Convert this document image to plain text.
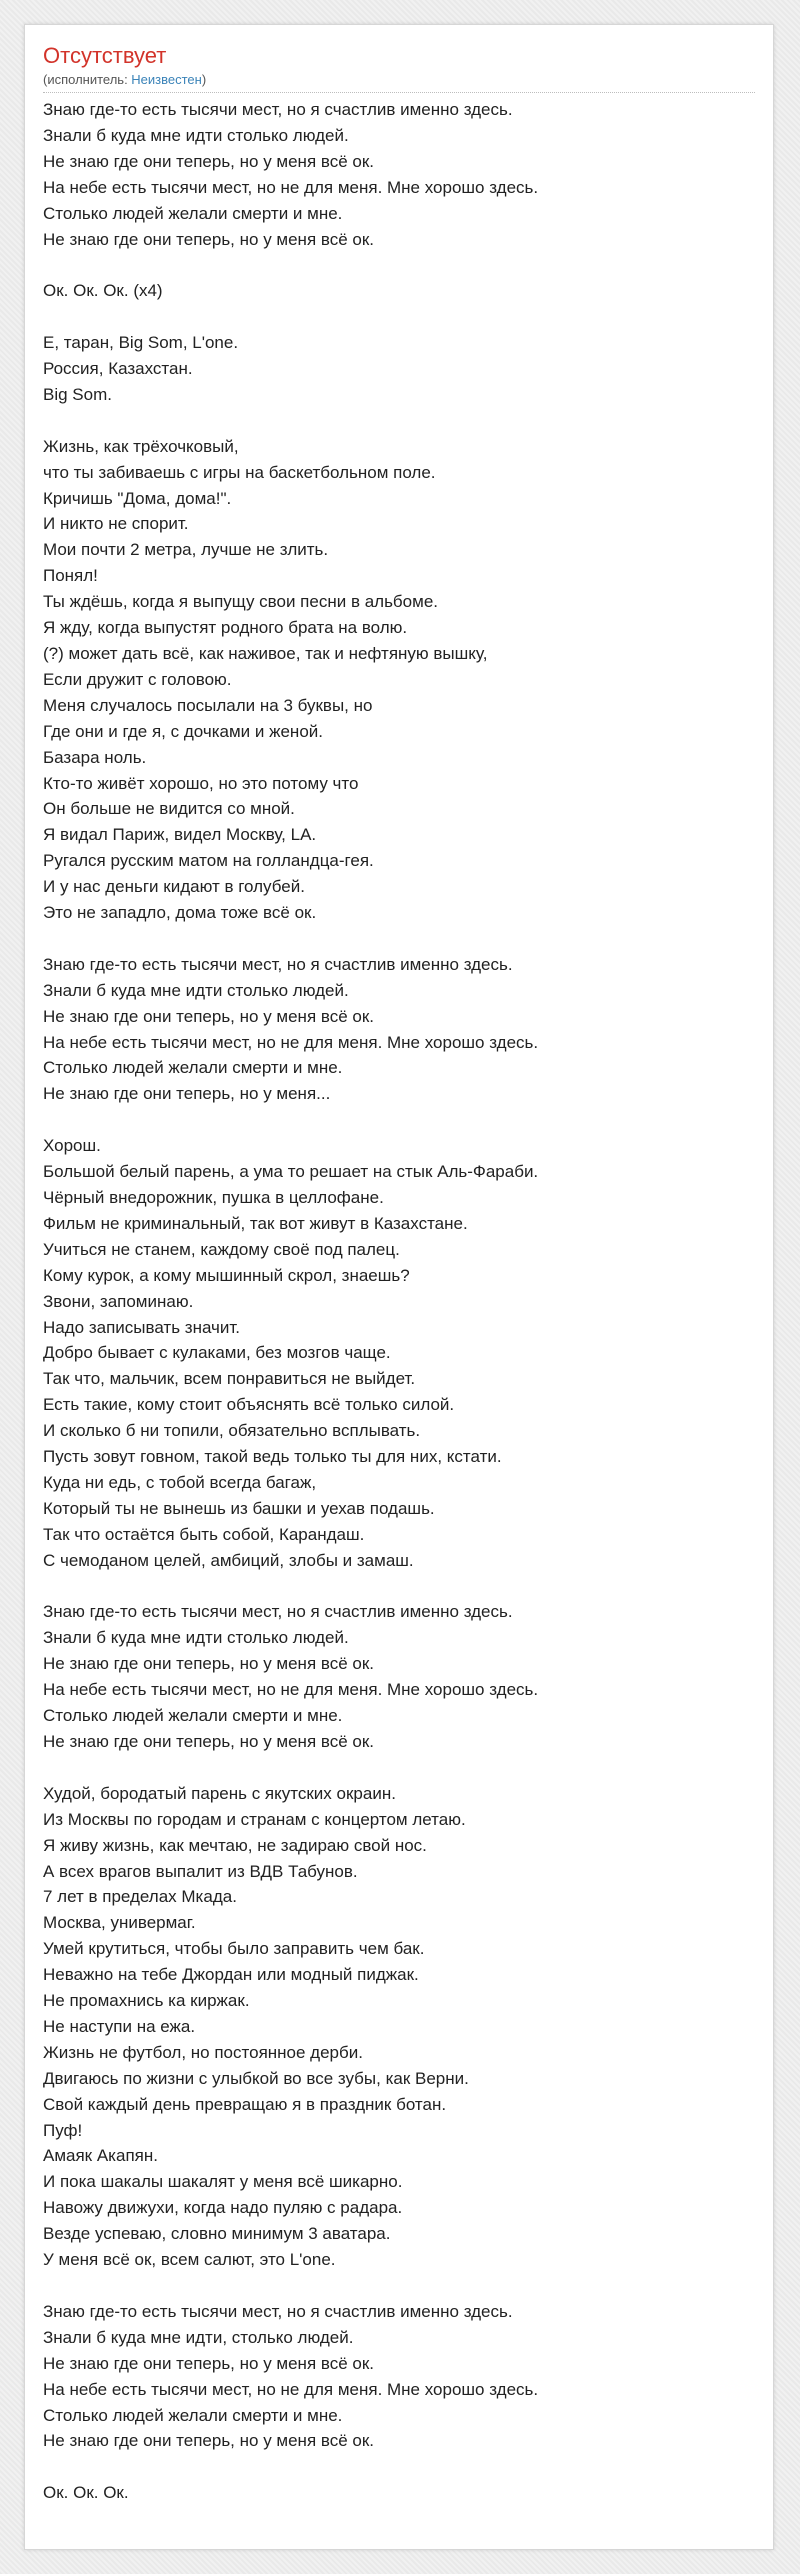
Отсутствует
(исполнитель: Неизвестен)
Знаю где-то есть тысячи мест, но я счастлив именно здесь.
Знали б куда мне идти столько людей.
Не знаю где они теперь, но у меня всё ок.
На небе есть тысячи мест, но не для меня. Мне хорошо здесь.
Столько людей желали смерти и мне.
Не знаю где они теперь, но у меня всё ок.
Ок. Ок. Ок. (x4)
Е, таран, Big Som, L'one.
Россия, Казахстан.
Big Som.
Жизнь, как трёхочковый,
что ты забиваешь с игры на баскетбольном поле.
Кричишь "Дома, дома!".
И никто не спорит.
Мои почти 2 метра, лучше не злить.
Понял!
Ты ждёшь, когда я выпущу свои песни в альбоме.
Я жду, когда выпустят родного брата на волю.
(?) может дать всё, как наживое, так и нефтяную вышку,
Если дружит с головою.
Меня случалось посылали на 3 буквы, но
Где они и где я, с дочками и женой.
Базара ноль.
Кто-то живёт хорошо, но это потому что
Он больше не видится со мной.
Я видал Париж, видел Москву, LA.
Ругался русским матом на голландца-гея.
И у нас деньги кидают в голубей.
Это не западло, дома тоже всё ок.
Знаю где-то есть тысячи мест, но я счастлив именно здесь.
Знали б куда мне идти столько людей.
Не знаю где они теперь, но у меня всё ок.
На небе есть тысячи мест, но не для меня. Мне хорошо здесь.
Столько людей желали смерти и мне.
Не знаю где они теперь, но у меня...
Хорош.
Большой белый парень, а ума то решает на стык Аль-Фараби.
Чёрный внедорожник, пушка в целлофане.
Фильм не криминальный, так вот живут в Казахстане.
Учиться не станем, каждому своё под палец.
Кому курок, а кому мышинный скрол, знаешь?
Звони, запоминаю.
Надо записывать значит.
Добро бывает с кулаками, без мозгов чаще.
Так что, мальчик, всем понравиться не выйдет.
Есть такие, кому стоит объяснять всё только силой.
И сколько б ни топили, обязательно всплывать.
Пусть зовут говном, такой ведь только ты для них, кстати.
Куда ни едь, с тобой всегда багаж,
Который ты не вынешь из башки и уехав подашь.
Так что остаётся быть собой, Карандаш.
С чемоданом целей, амбиций, злобы и замаш.
Знаю где-то есть тысячи мест, но я счастлив именно здесь.
Знали б куда мне идти столько людей.
Не знаю где они теперь, но у меня всё ок.
На небе есть тысячи мест, но не для меня. Мне хорошо здесь.
Столько людей желали смерти и мне.
Не знаю где они теперь, но у меня всё ок.
Худой, бородатый парень с якутских окраин.
Из Москвы по городам и странам с концертом летаю.
Я живу жизнь, как мечтаю, не задираю свой нос.
А всех врагов выпалит из ВДВ Табунов.
7 лет в пределах Мкада.
Москва, универмаг.
Умей крутиться, чтобы было заправить чем бак.
Неважно на тебе Джордан или модный пиджак.
Не промахнись ка киржак.
Не наступи на ежа.
Жизнь не футбол, но постоянное дерби.
Двигаюсь по жизни с улыбкой во все зубы, как Верни.
Свой каждый день превращаю я в праздник ботан.
Пуф!
Амаяк Акапян.
И пока шакалы шакалят у меня всё шикарно.
Навожу движухи, когда надо пуляю с радара.
Везде успеваю, словно минимум 3 аватара.
У меня всё ок, всем салют, это L'one.
Знаю где-то есть тысячи мест, но я счастлив именно здесь.
Знали б куда мне идти, столько людей.
Не знаю где они теперь, но у меня всё ок.
На небе есть тысячи мест, но не для меня. Мне хорошо здесь.
Столько людей желали смерти и мне.
Не знаю где они теперь, но у меня всё ок.
Ок. Ок. Ок.
